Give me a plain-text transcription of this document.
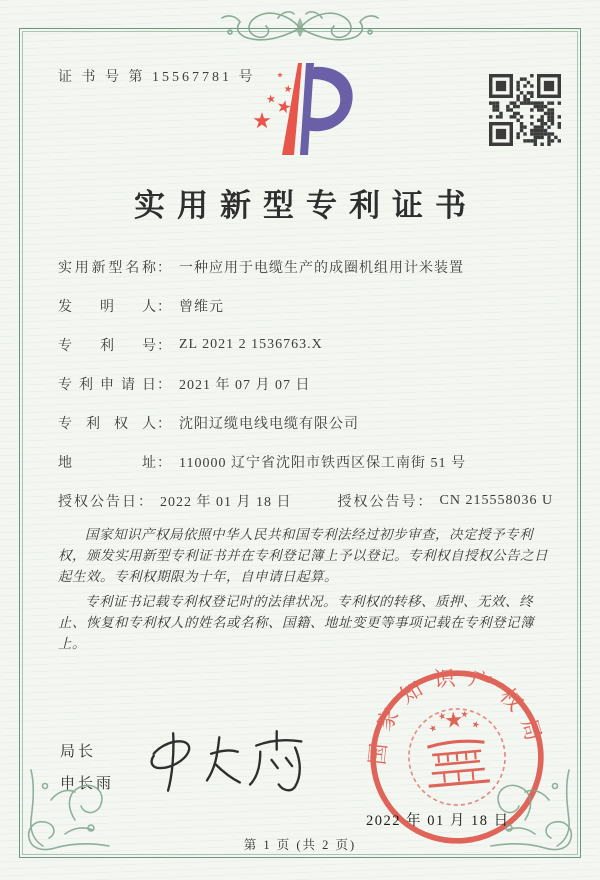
证 书 号 第 15567781 号
实用新型专利证书
实用新型名称 ： 一种应用于电缆生产的成圈机组用计米装置
发明人 ： 曾维元
专利号 ： ZL 2021 2 1536763.X
专利申请日 ： 2021 年 07 月 07 日
专利权人 ： 沈阳辽缆电线电缆有限公司
地址 ： 110000 辽宁省沈阳市铁西区保工南街 51 号
授权公告日 ： 2022 年 01 月 18 日	授权公告号 ： CN 215558036 U

国家知识产权局依照中华人民共和国专利法经过初步审查，决定授予专利权，颁发实用新型专利证书并在专利登记簿上予以登记。专利权自授权公告之日起生效。专利权期限为十年，自申请日起算。

专利证书记载专利权登记时的法律状况。专利权的转移、质押、无效、终止、恢复和专利权人的姓名或名称、国籍、地址变更等事项记载在专利登记簿上。

局长
申长雨
国家知识产权局
2022 年 01 月 18 日
第 1 页 (共 2 页)
